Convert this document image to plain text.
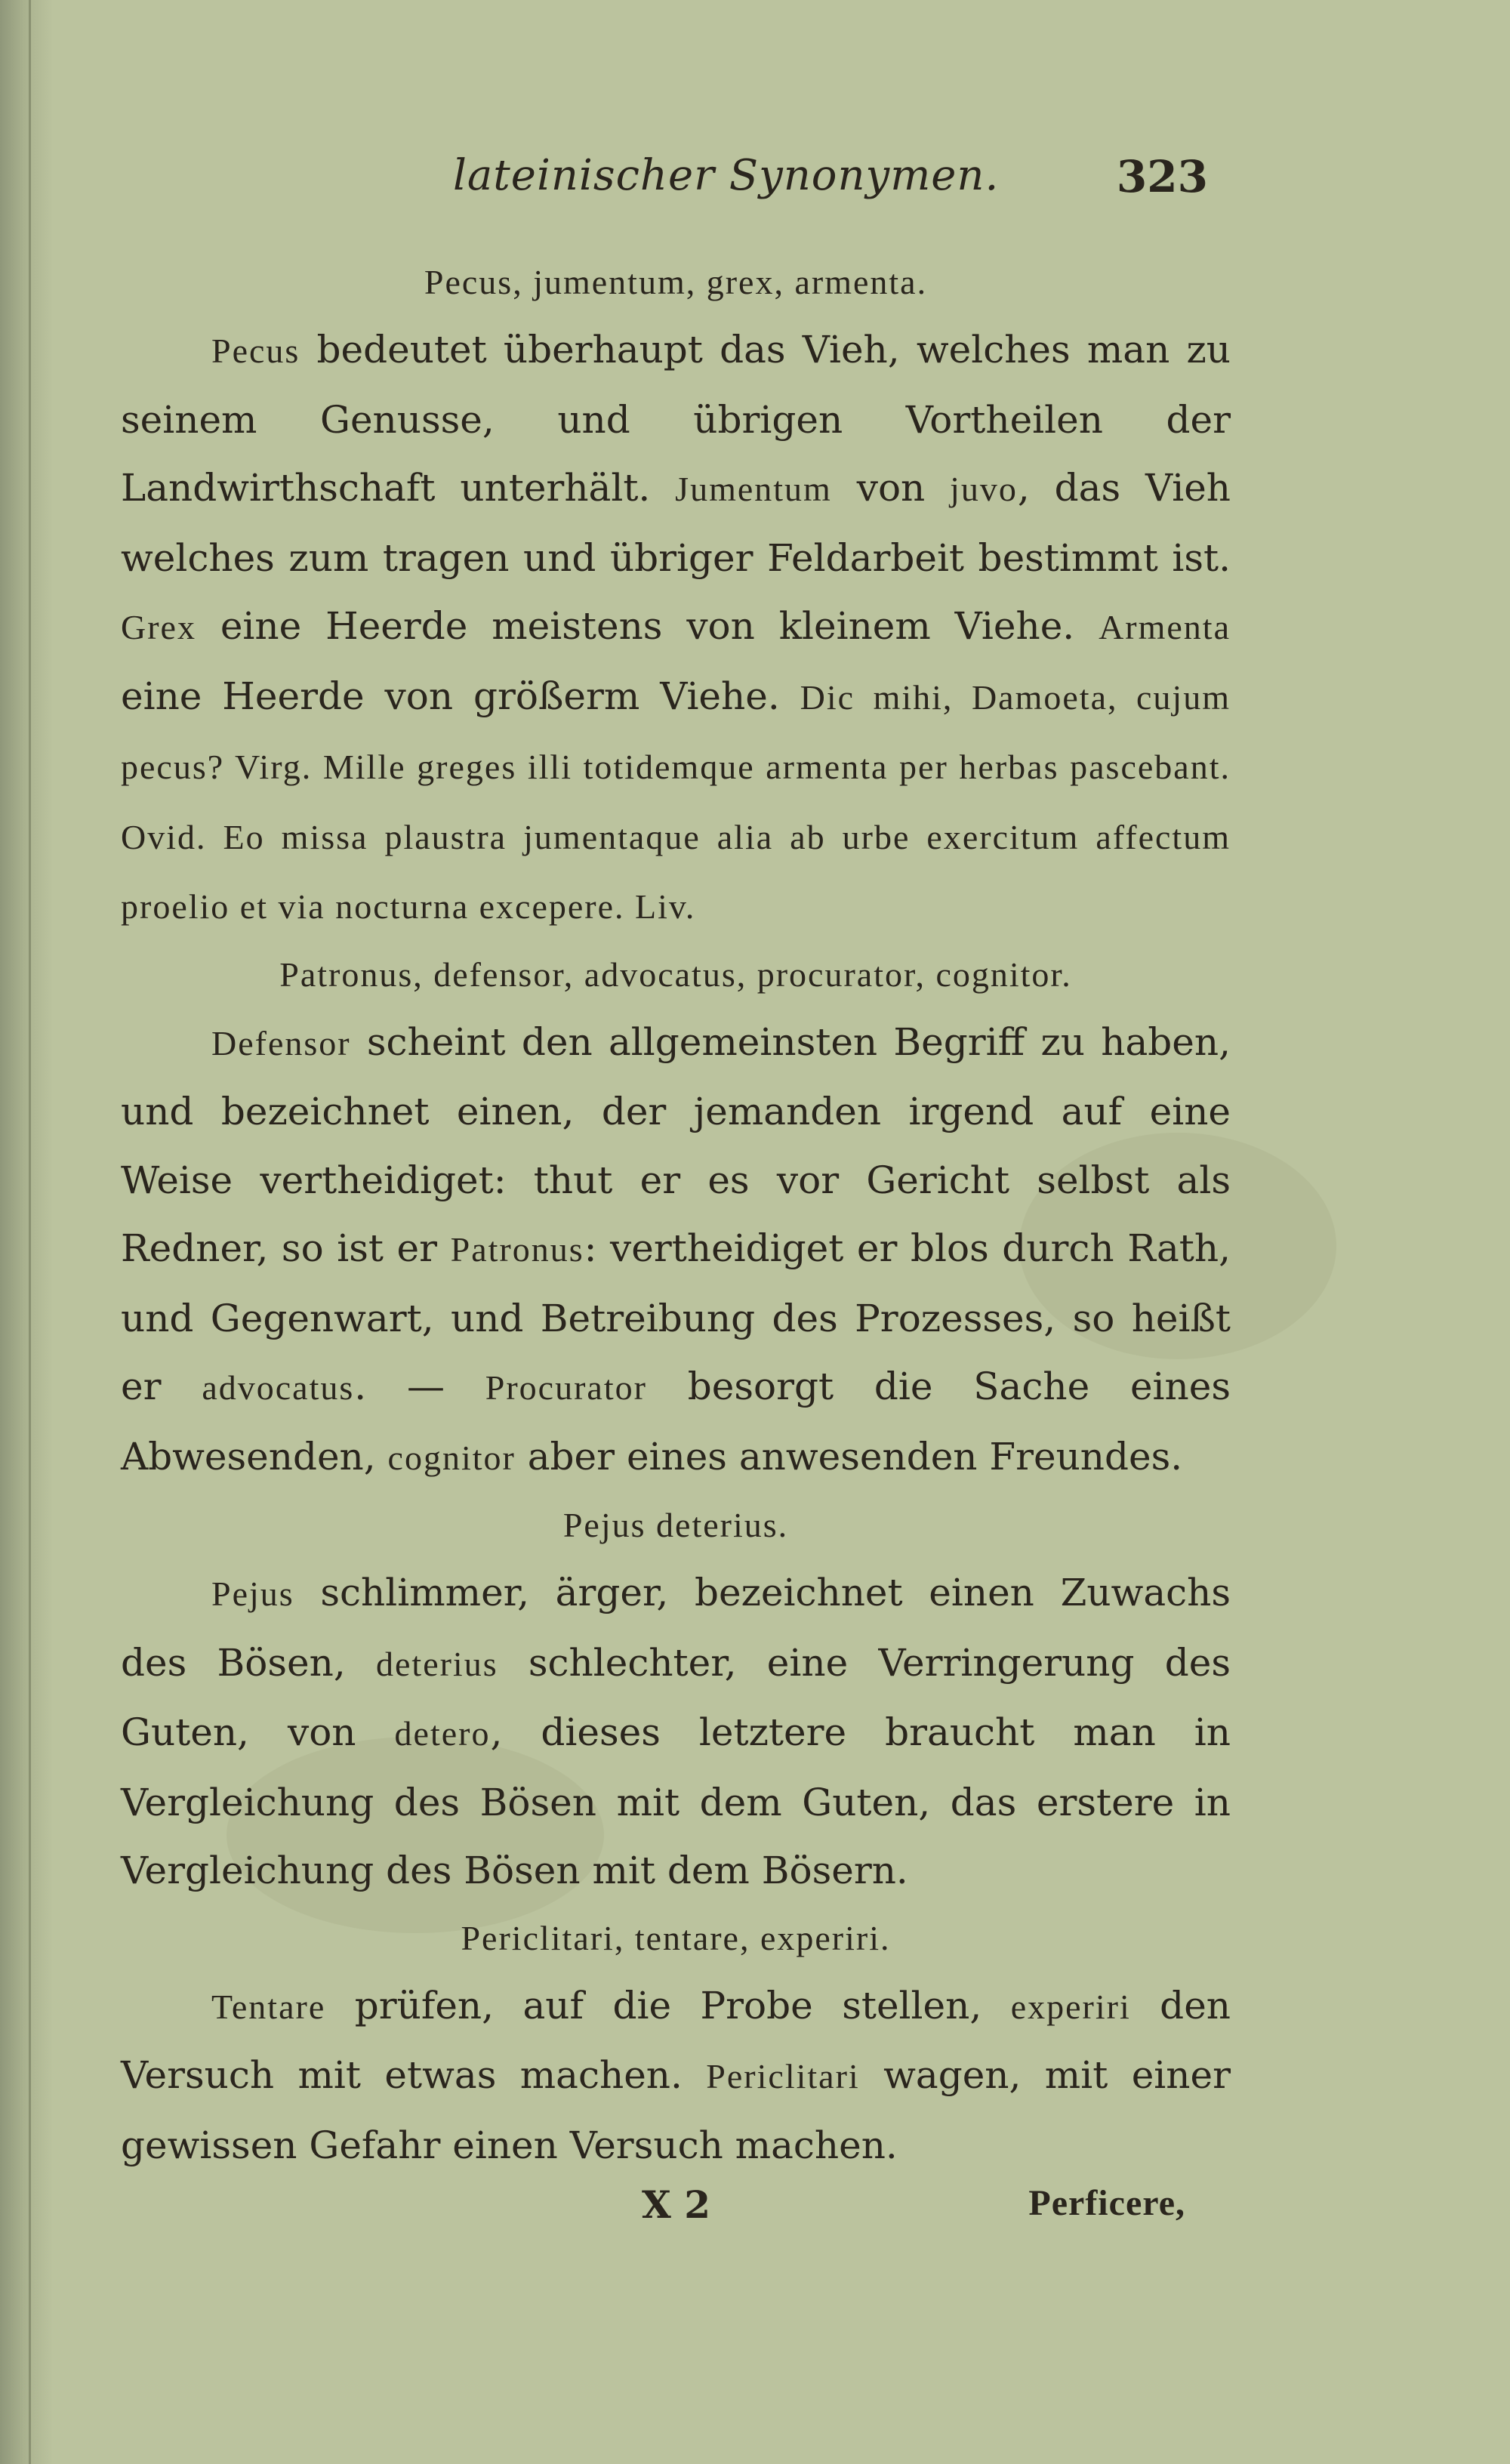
lateinischer Synonymen.	323
Pecus, jumentum, grex, armenta.

Pecus bedeutet überhaupt das Vieh, welches man zu seinem Genusse, und übrigen Vortheilen der Landwirthschaft unterhält. Jumentum von juvo, das Vieh welches zum tragen und übriger Feldarbeit bestimmt ist. Grex eine Heerde meistens von kleinem Viehe. Armenta eine Heerde von größerm Viehe. Dic mihi, Damoeta, cujum pecus? Virg. Mille greges illi totidemque armenta per herbas pascebant. Ovid. Eo missa plaustra jumentaque alia ab urbe exercitum affectum proelio et via nocturna excepere. Liv.

Patronus, defensor, advocatus, procurator, cognitor.

Defensor scheint den allgemeinsten Begriff zu haben, und bezeichnet einen, der jemanden irgend auf eine Weise vertheidiget: thut er es vor Gericht selbst als Redner, so ist er Patronus: vertheidiget er blos durch Rath, und Gegenwart, und Betreibung des Prozesses, so heißt er advocatus. — Procurator besorgt die Sache eines Abwesenden, cognitor aber eines anwesenden Freundes.

Pejus deterius.

Pejus schlimmer, ärger, bezeichnet einen Zuwachs des Bösen, deterius schlechter, eine Verringerung des Guten, von detero, dieses letztere braucht man in Vergleichung des Bösen mit dem Guten, das erstere in Vergleichung des Bösen mit dem Bösern.

Periclitari, tentare, experiri.

Tentare prüfen, auf die Probe stellen, experiri den Versuch mit etwas machen. Periclitari wagen, mit einer gewissen Gefahr einen Versuch machen.

X 2	Perficere,
